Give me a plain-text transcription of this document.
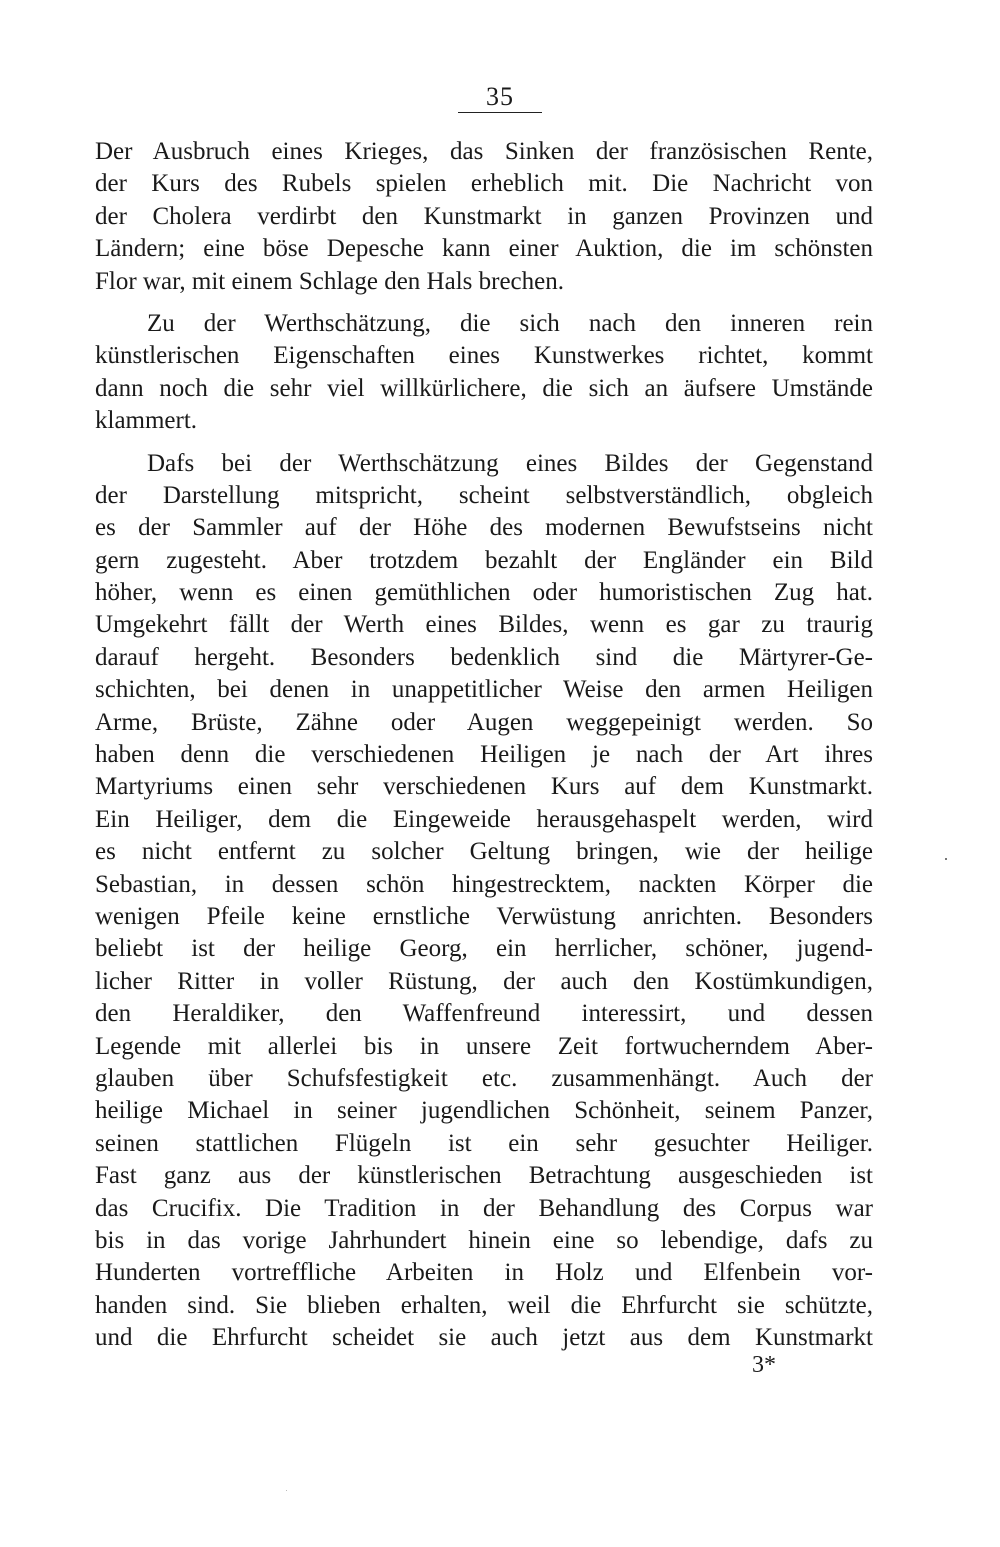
35
Der Ausbruch eines Krieges, das Sinken der französischen Rente,
der Kurs des Rubels spielen erheblich mit. Die Nachricht von
der Cholera verdirbt den Kunstmarkt in ganzen Provinzen und
Ländern; eine böse Depesche kann einer Auktion, die im schönsten
Flor war, mit einem Schlage den Hals brechen.
Zu der Werthschätzung, die sich nach den inneren rein
künstlerischen Eigenschaften eines Kunstwerkes richtet, kommt
dann noch die sehr viel willkürlichere, die sich an äufsere Umstände
klammert.
Dafs bei der Werthschätzung eines Bildes der Gegenstand
der Darstellung mitspricht, scheint selbstverständlich, obgleich
es der Sammler auf der Höhe des modernen Bewufstseins nicht
gern zugesteht. Aber trotzdem bezahlt der Engländer ein Bild
höher, wenn es einen gemüthlichen oder humoristischen Zug hat.
Umgekehrt fällt der Werth eines Bildes, wenn es gar zu traurig
darauf hergeht. Besonders bedenklich sind die Märtyrer-Ge-
schichten, bei denen in unappetitlicher Weise den armen Heiligen
Arme, Brüste, Zähne oder Augen weggepeinigt werden. So
haben denn die verschiedenen Heiligen je nach der Art ihres
Martyriums einen sehr verschiedenen Kurs auf dem Kunstmarkt.
Ein Heiliger, dem die Eingeweide herausgehaspelt werden, wird
es nicht entfernt zu solcher Geltung bringen, wie der heilige
Sebastian, in dessen schön hingestrecktem, nackten Körper die
wenigen Pfeile keine ernstliche Verwüstung anrichten. Besonders
beliebt ist der heilige Georg, ein herrlicher, schöner, jugend-
licher Ritter in voller Rüstung, der auch den Kostümkundigen,
den Heraldiker, den Waffenfreund interessirt, und dessen
Legende mit allerlei bis in unsere Zeit fortwucherndem Aber-
glauben über Schufsfestigkeit etc. zusammenhängt. Auch der
heilige Michael in seiner jugendlichen Schönheit, seinem Panzer,
seinen stattlichen Flügeln ist ein sehr gesuchter Heiliger.
Fast ganz aus der künstlerischen Betrachtung ausgeschieden ist
das Crucifix. Die Tradition in der Behandlung des Corpus war
bis in das vorige Jahrhundert hinein eine so lebendige, dafs zu
Hunderten vortreffliche Arbeiten in Holz und Elfenbein vor-
handen sind. Sie blieben erhalten, weil die Ehrfurcht sie schützte,
und die Ehrfurcht scheidet sie auch jetzt aus dem Kunstmarkt
3*
